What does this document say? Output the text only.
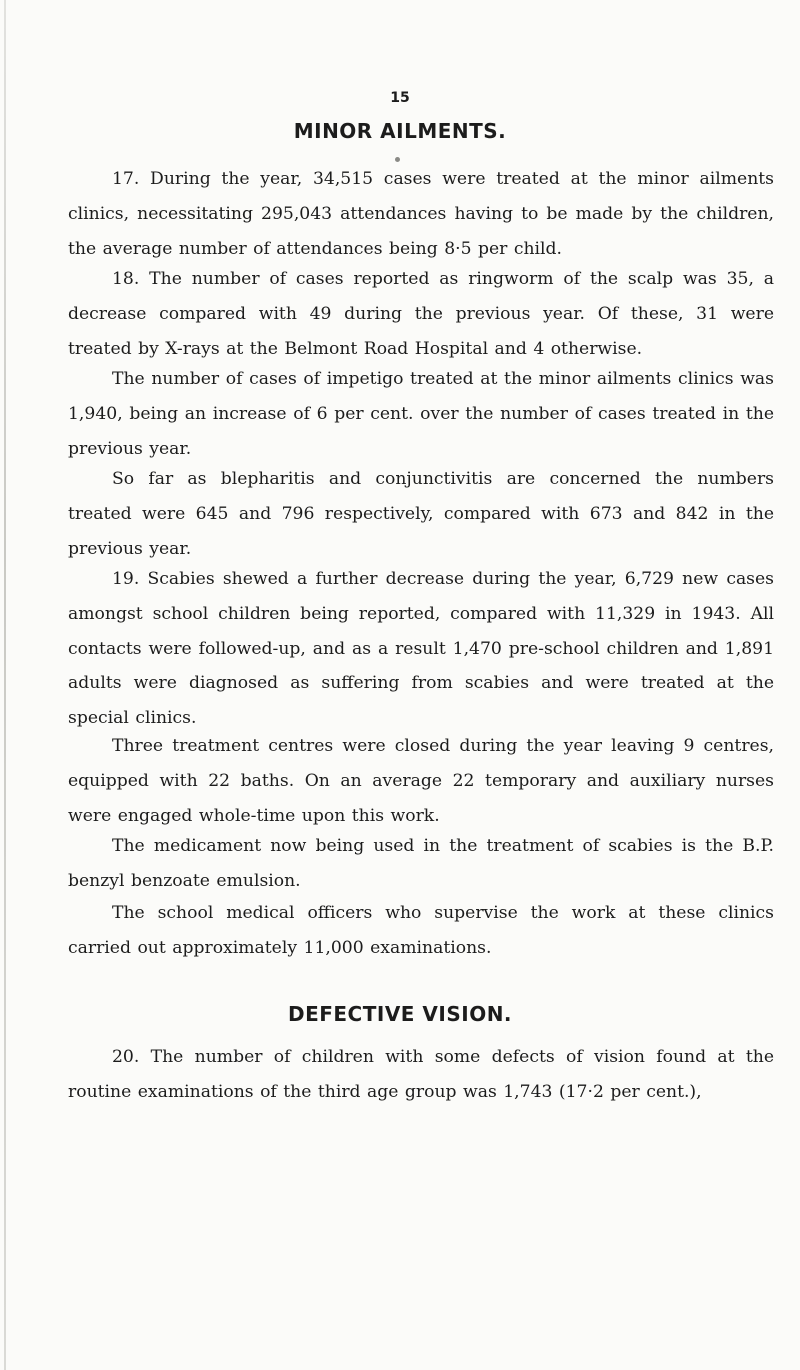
15
MINOR AILMENTS.

17. During the year, 34,515 cases were treated at the minor ailments clinics, necessitating 295,043 attendances having to be made by the children, the average number of attendances being 8·5 per child.

18. The number of cases reported as ringworm of the scalp was 35, a decrease compared with 49 during the previous year. Of these, 31 were treated by X-rays at the Belmont Road Hospital and 4 otherwise.

The number of cases of impetigo treated at the minor ailments clinics was 1,940, being an increase of 6 per cent. over the number of cases treated in the previous year.

So far as blepharitis and conjunctivitis are concerned the numbers treated were 645 and 796 respectively, compared with 673 and 842 in the previous year.

19. Scabies shewed a further decrease during the year, 6,729 new cases amongst school children being reported, compared with 11,329 in 1943. All contacts were followed-up, and as a result 1,470 pre-school children and 1,891 adults were diagnosed as suffering from scabies and were treated at the special clinics.

Three treatment centres were closed during the year leaving 9 centres, equipped with 22 baths. On an average 22 temporary and auxiliary nurses were engaged whole-time upon this work.

The medicament now being used in the treatment of scabies is the B.P. benzyl benzoate emulsion.

The school medical officers who supervise the work at these clinics carried out approximately 11,000 examinations.

DEFECTIVE VISION.

20. The number of children with some defects of vision found at the routine examinations of the third age group was 1,743 (17·2 per cent.),
